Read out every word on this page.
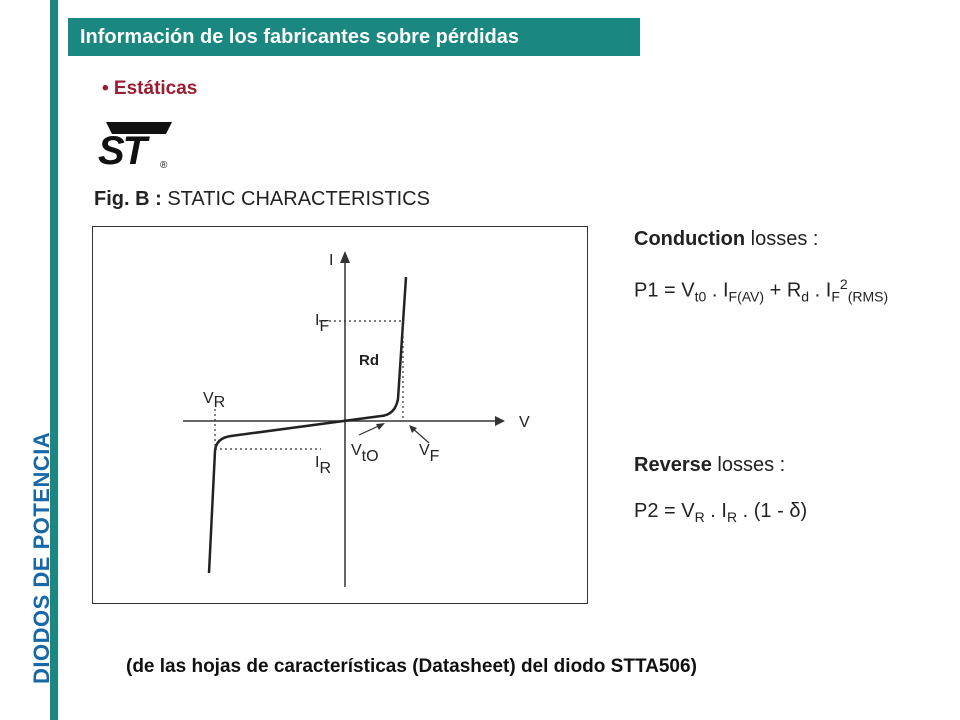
DIODOS DE POTENCIA
Información de los fabricantes sobre pérdidas
• Estáticas
ST	®
Fig. B : STATIC CHARACTERISTICS
I
V
VR
IF
IR
Rd
VtO	VF
Conduction losses :
$P1 = V_{t0}$ . $I_{F(AV)} + R_d$ . $I_F^2_{(RMS)}$
Reverse losses :
$P2 = V_R$ . $I_R$ . (1 - δ)
(de las hojas de características (Datasheet) del diodo STTA506)
